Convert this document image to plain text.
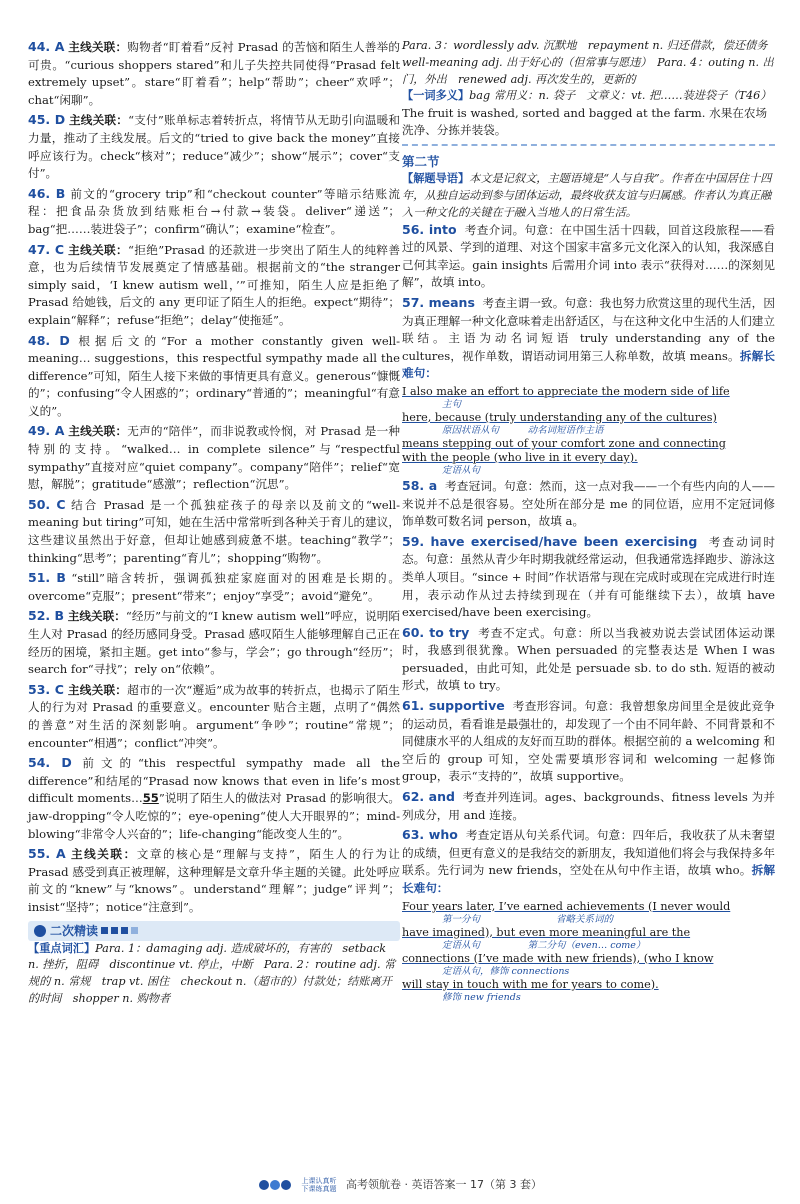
44. A 主线关联：购物者“盯着看”反衬 Prasad 的苦恼和陌生人善举的可贵。“curious shoppers stared”和儿子失控共同使得“Prasad felt extremely upset”。stare“盯着看”；help“帮助”；cheer“欢呼”；chat“闲聊”。
45. D 主线关联：“支付”账单标志着转折点，将情节从无助引向温暖和力量，推动了主线发展。后文的“tried to give back the money”直接呼应该行为。check“核对”；reduce“减少”；show“展示”；cover“支付”。
46. B 前文的“grocery trip”和“checkout counter”等暗示结账流程：把食品杂货放到结账柜台→付款→装袋。deliver“递送”；bag“把……装进袋子”；confirm“确认”；examine“检查”。
47. C 主线关联：“拒绝”Prasad 的还款进一步突出了陌生人的纯粹善意，也为后续情节发展奠定了情感基础。根据前文的“the stranger simply said，‘I knew autism well，’”可推知，陌生人应是拒绝了 Prasad 给她钱，后文的 any 更印证了陌生人的拒绝。expect“期待”；explain“解释”；refuse“拒绝”；delay“使拖延”。
48. D 根据后文的“For a mother constantly given well-meaning… suggestions，this respectful sympathy made all the difference”可知，陌生人接下来做的事情更具有意义。generous“慷慨的”；confusing“令人困惑的”；ordinary“普通的”；meaningful“有意义的”。
49. A 主线关联：无声的“陪伴”，而非说教或怜悯，对 Prasad 是一种特别的支持。“walked… in complete silence”与“respectful sympathy”直接对应“quiet company”。company“陪伴”；relief“宽慰，解脱”；gratitude“感激”；reflection“沉思”。
50. C 结合 Prasad 是一个孤独症孩子的母亲以及前文的“well-meaning but tiring”可知，她在生活中常常听到各种关于育儿的建议，这些建议虽然出于好意，但却让她感到疲惫不堪。teaching“教学”；thinking“思考”；parenting“育儿”；shopping“购物”。
51. B “still”暗含转折，强调孤独症家庭面对的困难是长期的。overcome“克服”；present“带来”；enjoy“享受”；avoid“避免”。
52. B 主线关联：“经历”与前文的“I knew autism well”呼应，说明陌生人对 Prasad 的经历感同身受。Prasad 感叹陌生人能够理解自己正在经历的困境，紧扣主题。get into“参与，学会”；go through“经历”；search for“寻找”；rely on“依赖”。
53. C 主线关联：超市的一次“邂逅”成为故事的转折点，也揭示了陌生人的行为对 Prasad 的重要意义。encounter 贴合主题，点明了“偶然的善意”对生活的深刻影响。argument“争吵”；routine“常规”；encounter“相遇”；conflict“冲突”。
54. D 前文的“this respectful sympathy made all the difference”和结尾的“Prasad now knows that even in life’s most difficult moments…55”说明了陌生人的做法对 Prasad 的影响很大。jaw-dropping“令人吃惊的”；eye-opening“使人大开眼界的”；mind-blowing“非常令人兴奋的”；life-changing“能改变人生的”。
55. A 主线关联：文章的核心是“理解与支持”，陌生人的行为让 Prasad 感受到真正被理解，这种理解是文章升华主题的关键。此处呼应前文的“knew”与“knows”。understand“理解”；judge“评判”；insist“坚持”；notice“注意到”。
二次精读
【重点词汇】Para. 1：damaging adj. 造成破坏的，有害的　setback n. 挫折，阻碍　discontinue vt. 停止，中断　Para. 2：routine adj. 常规的 n. 常规　trap vt. 困住　checkout n.（超市的）付款处；结账离开的时间　shopper n. 购物者
Para. 3：wordlessly adv. 沉默地　repayment n. 归还借款，偿还债务　well-meaning adj. 出于好心的（但常事与愿违）　Para. 4：outing n. 出门，外出　renewed adj. 再次发生的，更新的
【一词多义】bag 常用义：n. 袋子　文章义：vt. 把……装进袋子（T46）
The fruit is washed, sorted and bagged at the farm. 水果在农场洗净、分拣并装袋。
第二节
【解题导语】本文是记叙文，主题语境是“人与自我”。作者在中国居住十四年，从独自运动到参与团体运动，最终收获友谊与归属感。作者认为真正融入一种文化的关键在于融入当地人的日常生活。
56. into 考查介词。句意：在中国生活十四载，回首这段旅程——看过的风景、学到的道理、对这个国家丰富多元文化深入的认知，我深感自己何其幸运。gain insights 后需用介词 into 表示“获得对……的深刻见解”，故填 into。
57. means 考查主谓一致。句意：我也努力欣赏这里的现代生活，因为真正理解一种文化意味着走出舒适区，与在这种文化中生活的人们建立联结。主语为动名词短语 truly understanding any of the cultures，视作单数，谓语动词用第三人称单数，故填 means。拆解长难句：
I also make an effort to appreciate the modern side of life
主句
here, because (truly understanding any of the cultures)
原因状语从句　　　动名词短语作主语
means stepping out of your comfort zone and connecting
with the people (who live in it every day).
定语从句
58. a 考查冠词。句意：然而，这一点对我——一个有些内向的人——来说并不总是很容易。空处所在部分是 me 的同位语，应用不定冠词修饰单数可数名词 person，故填 a。
59. have exercised/have been exercising 考查动词时态。句意：虽然从青少年时期我就经常运动，但我通常选择跑步、游泳这类单人项目。“since + 时间”作状语常与现在完成时或现在完成进行时连用，表示动作从过去持续到现在（并有可能继续下去），故填 have exercised/have been exercising。
60. to try 考查不定式。句意：所以当我被劝说去尝试团体运动课时，我感到很犹豫。When persuaded 的完整表达是 When I was persuaded，由此可知，此处是 persuade sb. to do sth. 短语的被动形式，故填 to try。
61. supportive 考查形容词。句意：我曾想象房间里全是彼此竞争的运动员，看看谁是最强壮的，却发现了一个由不同年龄、不同背景和不同健康水平的人组成的友好而互助的群体。根据空前的 a welcoming 和空后的 group 可知，空处需要填形容词和 welcoming 一起修饰 group，表示“支持的”，故填 supportive。
62. and 考查并列连词。ages、backgrounds、fitness levels 为并列成分，用 and 连接。
63. who 考查定语从句关系代词。句意：四年后，我收获了从未奢望的成绩，但更有意义的是我结交的新朋友，我知道他们将会与我保持多年联系。先行词为 new friends，空处在从句中作主语，故填 who。拆解长难句：
Four years later, I’ve earned achievements (I never would
第一分句　　　　　　　　省略关系词的
have imagined), but even more meaningful are the
定语从句　　　　　第二分句（even… come）
connections (I’ve made with new friends), (who I know
定语从句，修饰 connections
will stay in touch with me for years to come).
修饰 new friends
上课认真听
下课练真题 高考领航卷 · 英语答案一 17（第 3 套）
